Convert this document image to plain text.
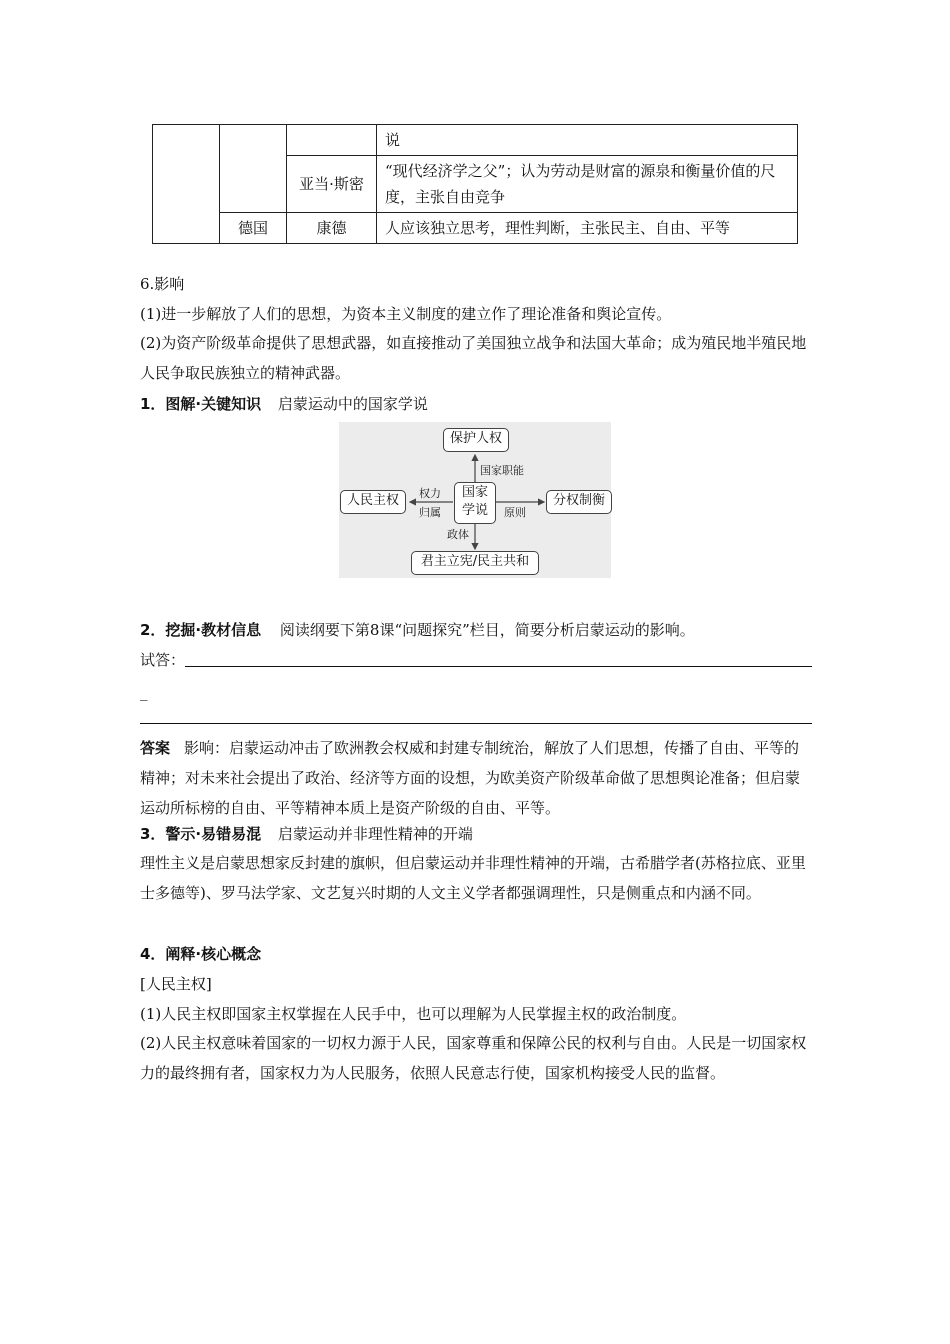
			说
		亚当·斯密	“现代经济学之父”；认为劳动是财富的源泉和衡量价值的尺度，主张自由竞争
	德国	康德	人应该独立思考，理性判断，主张民主、自由、平等
6.影响
(1)进一步解放了人们的思想，为资本主义制度的建立作了理论准备和舆论宣传。
(2)为资产阶级革命提供了思想武器，如直接推动了美国独立战争和法国大革命；成为殖民地半殖民地人民争取民族独立的精神武器。
1．图解·关键知识 启蒙运动中的国家学说
保护人权
国家学说
人民主权	分权制衡
君主立宪/民主共和
国家职能
权力
归属	原则
政体
2．挖掘·教材信息 阅读纲要下第8课“问题探究”栏目，简要分析启蒙运动的影响。
试答：
_
答案 影响：启蒙运动冲击了欧洲教会权威和封建专制统治，解放了人们思想，传播了自由、平等的精神；对未来社会提出了政治、经济等方面的设想，为欧美资产阶级革命做了思想舆论准备；但启蒙运动所标榜的自由、平等精神本质上是资产阶级的自由、平等。
3．警示·易错易混 启蒙运动并非理性精神的开端
理性主义是启蒙思想家反封建的旗帜，但启蒙运动并非理性精神的开端，古希腊学者(苏格拉底、亚里士多德等)、罗马法学家、文艺复兴时期的人文主义学者都强调理性，只是侧重点和内涵不同。
4．阐释·核心概念
[人民主权]
(1)人民主权即国家主权掌握在人民手中，也可以理解为人民掌握主权的政治制度。
(2)人民主权意味着国家的一切权力源于人民，国家尊重和保障公民的权利与自由。人民是一切国家权力的最终拥有者，国家权力为人民服务，依照人民意志行使，国家机构接受人民的监督。
